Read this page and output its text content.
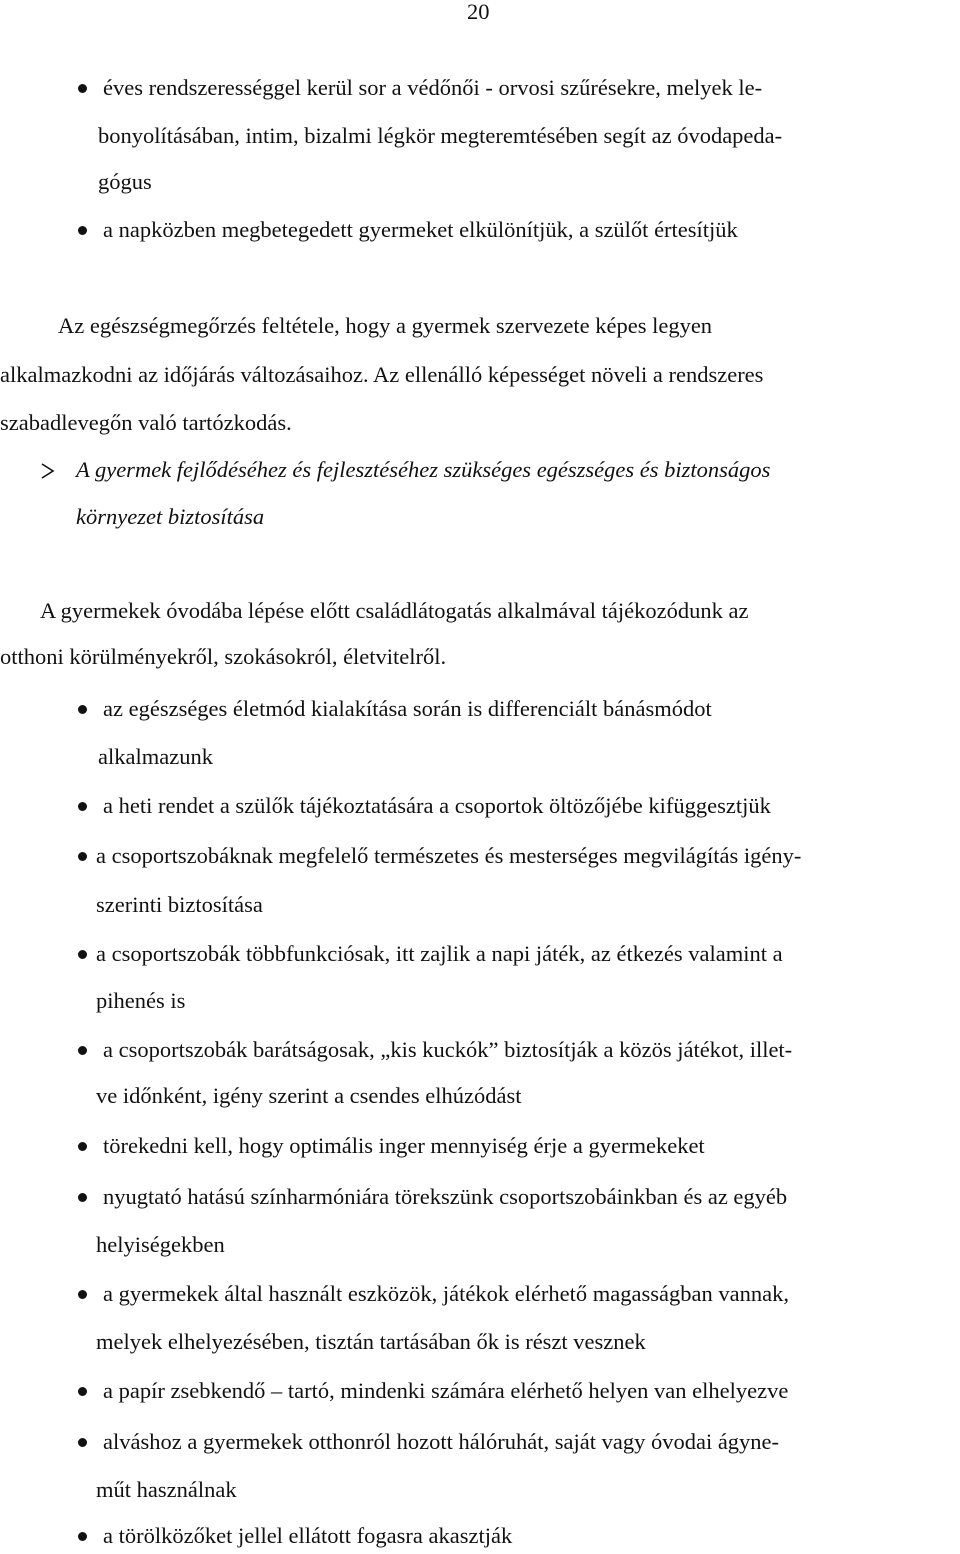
20
éves rendszerességgel kerül sor a védőnői - orvosi szűrésekre, melyek le-
bonyolításában, intim, bizalmi légkör megteremtésében segít az óvodapeda-
gógus
a napközben megbetegedett gyermeket elkülönítjük, a szülőt értesítjük
Az egészségmegőrzés feltétele, hogy a gyermek szervezete képes legyen
alkalmazkodni az időjárás változásaihoz. Az ellenálló képességet növeli a rendszeres
szabadlevegőn való tartózkodás.
A gyermek fejlődéséhez és fejlesztéséhez szükséges egészséges és biztonságos
környezet biztosítása
A gyermekek óvodába lépése előtt családlátogatás alkalmával tájékozódunk az
otthoni körülményekről, szokásokról, életvitelről.
az egészséges életmód kialakítása során is differenciált bánásmódot
alkalmazunk
a heti rendet a szülők tájékoztatására a csoportok öltözőjébe kifüggesztjük
a csoportszobáknak megfelelő természetes és mesterséges megvilágítás igény-
szerinti biztosítása
a csoportszobák többfunkciósak, itt zajlik a napi játék, az étkezés valamint a
pihenés is
a csoportszobák barátságosak, „kis kuckók” biztosítják a közös játékot, illet-
ve időnként, igény szerint a csendes elhúzódást
törekedni kell, hogy optimális inger mennyiség érje a gyermekeket
nyugtató hatású színharmóniára törekszünk csoportszobáinkban és az egyéb
helyiségekben
a gyermekek által használt eszközök, játékok elérhető magasságban vannak,
melyek elhelyezésében, tisztán tartásában ők is részt vesznek
a papír zsebkendő – tartó, mindenki számára elérhető helyen van elhelyezve
alváshoz a gyermekek otthonról hozott hálóruhát, saját vagy óvodai ágyne-
műt használnak
a törölközőket jellel ellátott fogasra akasztják
